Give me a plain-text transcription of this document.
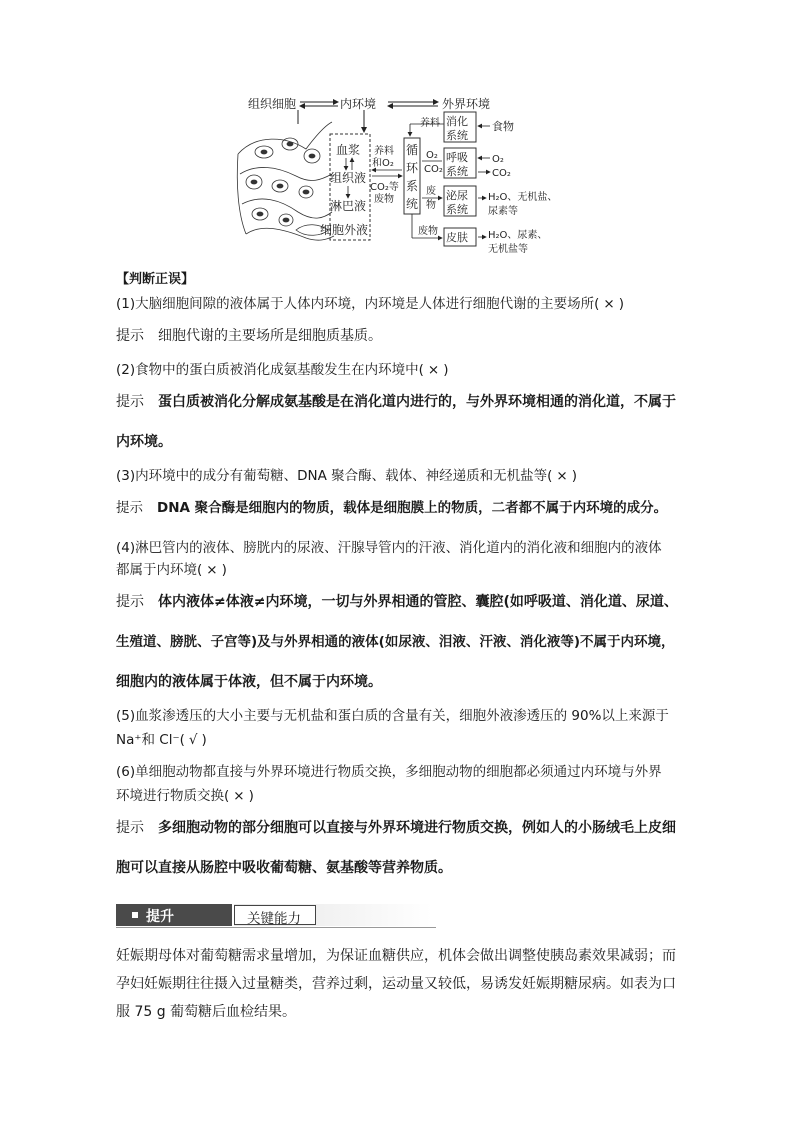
组织细胞	内环境	外界环境
血浆
组织液
淋巴液
细胞外液
养料
和O₂
CO₂等
废物
循
环
系
统
养料 消化
系统
食物
O₂
CO₂
呼吸
系统
O₂
CO₂
废
物
泌尿
系统
H₂O、无机盐、
尿素等
废物 皮肤 H₂O、尿素、
无机盐等
【判断正误】
(1)大脑细胞间隙的液体属于人体内环境，内环境是人体进行细胞代谢的主要场所( × )
提示 细胞代谢的主要场所是细胞质基质。
(2)食物中的蛋白质被消化成氨基酸发生在内环境中( × )
提示 蛋白质被消化分解成氨基酸是在消化道内进行的，与外界环境相通的消化道，不属于
内环境。
(3)内环境中的成分有葡萄糖、DNA 聚合酶、载体、神经递质和无机盐等( × )
提示 DNA 聚合酶是细胞内的物质，载体是细胞膜上的物质，二者都不属于内环境的成分。
(4)淋巴管内的液体、膀胱内的尿液、汗腺导管内的汗液、消化道内的消化液和细胞内的液体
都属于内环境( × )
提示 体内液体≠体液≠内环境，一切与外界相通的管腔、囊腔(如呼吸道、消化道、尿道、
生殖道、膀胱、子宫等)及与外界相通的液体(如尿液、泪液、汗液、消化液等)不属于内环境，
细胞内的液体属于体液，但不属于内环境。
(5)血浆渗透压的大小主要与无机盐和蛋白质的含量有关，细胞外液渗透压的 90%以上来源于
Na⁺和 Cl⁻( √ )
(6)单细胞动物都直接与外界环境进行物质交换，多细胞动物的细胞都必须通过内环境与外界
环境进行物质交换( × )
提示 多细胞动物的部分细胞可以直接与外界环境进行物质交换，例如人的小肠绒毛上皮细
胞可以直接从肠腔中吸收葡萄糖、氨基酸等营养物质。
提升	关键能力
妊娠期母体对葡萄糖需求量增加，为保证血糖供应，机体会做出调整使胰岛素效果减弱；而
孕妇妊娠期往往摄入过量糖类，营养过剩，运动量又较低，易诱发妊娠期糖尿病。如表为口
服 75 g 葡萄糖后血检结果。
